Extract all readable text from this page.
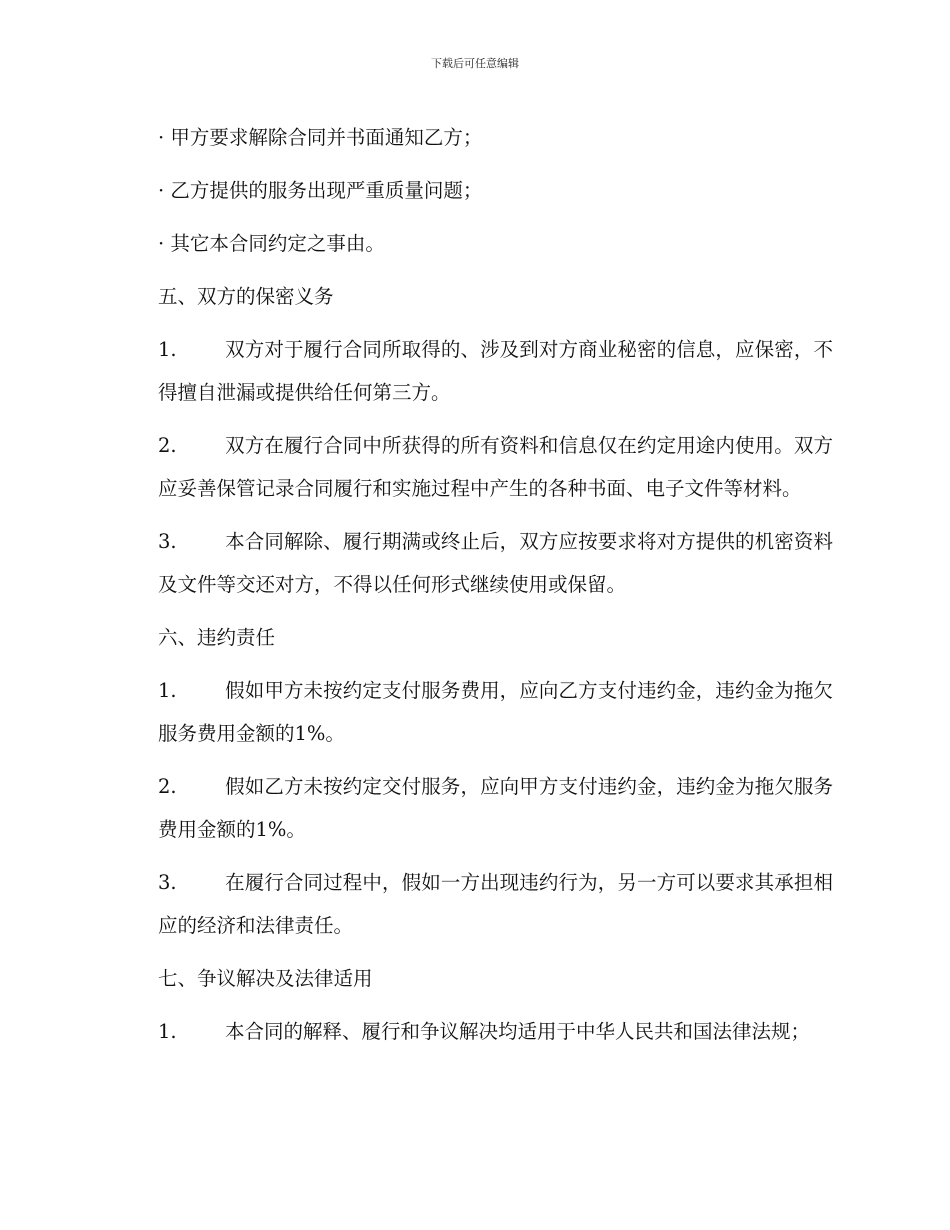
下载后可任意编辑
· 甲方要求解除合同并书面通知乙方；
· 乙方提供的服务出现严重质量问题；
· 其它本合同约定之事由。
五、双方的保密义务
1. 双方对于履行合同所取得的、涉及到对方商业秘密的信息，应保密，不得擅自泄漏或提供给任何第三方。
2. 双方在履行合同中所获得的所有资料和信息仅在约定用途内使用。双方应妥善保管记录合同履行和实施过程中产生的各种书面、电子文件等材料。
3. 本合同解除、履行期满或终止后，双方应按要求将对方提供的机密资料及文件等交还对方，不得以任何形式继续使用或保留。
六、违约责任
1. 假如甲方未按约定支付服务费用，应向乙方支付违约金，违约金为拖欠服务费用金额的1%。
2. 假如乙方未按约定交付服务，应向甲方支付违约金，违约金为拖欠服务费用金额的1%。
3. 在履行合同过程中，假如一方出现违约行为，另一方可以要求其承担相应的经济和法律责任。
七、争议解决及法律适用
1. 本合同的解释、履行和争议解决均适用于中华人民共和国法律法规；
